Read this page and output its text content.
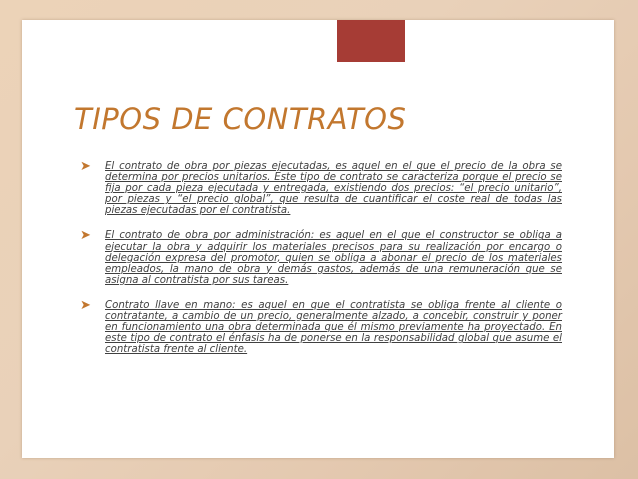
TIPOS DE CONTRATOS
➤ El contrato de obra por piezas ejecutadas, es aquel en el que el precio de la obra se determina por precios unitarios. Este tipo de contrato se caracteriza porque el precio se fija por cada pieza ejecutada y entregada, existiendo dos precios: “el precio unitario”, por piezas y “el precio global”, que resulta de cuantificar el coste real de todas las piezas ejecutadas por el contratista.

➤ El contrato de obra por administración: es aquel en el que el constructor se obliga a ejecutar la obra y adquirir los materiales precisos para su realización por encargo o delegación expresa del promotor, quien se obliga a abonar el precio de los materiales empleados, la mano de obra y demás gastos, además de una remuneración que se asigna al contratista por sus tareas.

➤ Contrato llave en mano: es aquel en que el contratista se obliga frente al cliente o contratante, a cambio de un precio, generalmente alzado, a concebir, construir y poner en funcionamiento una obra determinada que él mismo previamente ha proyectado. En este tipo de contrato el énfasis ha de ponerse en la responsabilidad global que asume el contratista frente al cliente.
